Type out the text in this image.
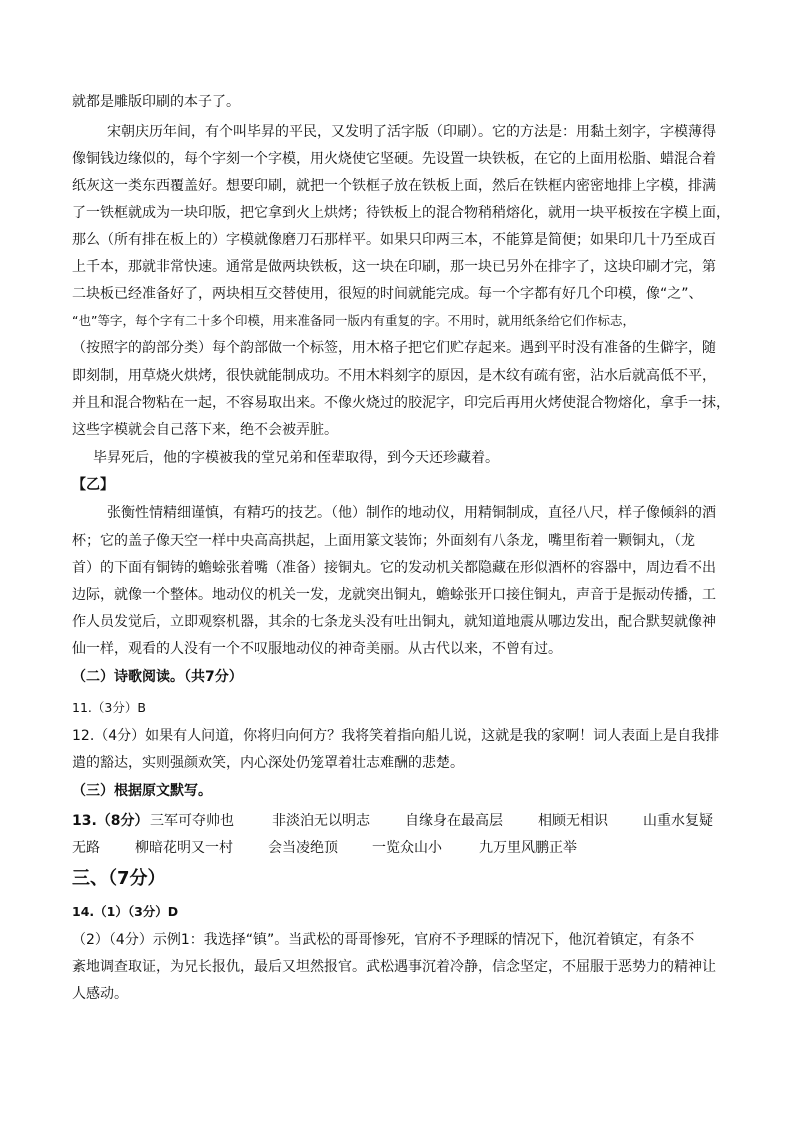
就都是雕版印刷的本子了。
宋朝庆历年间，有个叫毕昇的平民，又发明了活字版（印刷）。它的方法是：用黏土刻字，字模薄得
像铜钱边缘似的，每个字刻一个字模，用火烧使它坚硬。先设置一块铁板，在它的上面用松脂、蜡混合着
纸灰这一类东西覆盖好。想要印刷，就把一个铁框子放在铁板上面，然后在铁框内密密地排上字模，排满
了一铁框就成为一块印版，把它拿到火上烘烤；待铁板上的混合物稍稍熔化，就用一块平板按在字模上面，
那么（所有排在板上的）字模就像磨刀石那样平。如果只印两三本，不能算是简便；如果印几十乃至成百
上千本，那就非常快速。通常是做两块铁板，这一块在印刷，那一块已另外在排字了，这块印刷才完，第
二块板已经准备好了，两块相互交替使用，很短的时间就能完成。每一个字都有好几个印模，像“之”、
“也”等字，每个字有二十多个印模，用来准备同一版内有重复的字。不用时，就用纸条给它们作标志，
（按照字的韵部分类）每个韵部做一个标签，用木格子把它们贮存起来。遇到平时没有准备的生僻字，随
即刻制，用草烧火烘烤，很快就能制成功。不用木料刻字的原因，是木纹有疏有密，沾水后就高低不平，
并且和混合物粘在一起，不容易取出来。不像火烧过的胶泥字，印完后再用火烤使混合物熔化，拿手一抹，
这些字模就会自己落下来，绝不会被弄脏。
毕昇死后，他的字模被我的堂兄弟和侄辈取得，到今天还珍藏着。
【乙】
张衡性情精细谨慎，有精巧的技艺。（他）制作的地动仪，用精铜制成，直径八尺，样子像倾斜的酒
杯；它的盖子像天空一样中央高高拱起，上面用篆文装饰；外面刻有八条龙，嘴里衔着一颗铜丸，（龙
首）的下面有铜铸的蟾蜍张着嘴（准备）接铜丸。它的发动机关都隐藏在形似酒杯的容器中，周边看不出
边际，就像一个整体。地动仪的机关一发，龙就突出铜丸，蟾蜍张开口接住铜丸，声音于是振动传播，工
作人员发觉后，立即观察机器，其余的七条龙头没有吐出铜丸，就知道地震从哪边发出，配合默契就像神
仙一样，观看的人没有一个不叹服地动仪的神奇美丽。从古代以来，不曾有过。
（二）诗歌阅读。（共7分）
11.（3分）B
12.（4分）如果有人问道，你将归向何方？我将笑着指向船儿说，这就是我的家啊！词人表面上是自我排
遣的豁达，实则强颜欢笑，内心深处仍笼罩着壮志难酬的悲楚。
（三）根据原文默写。
13.（8分） 三军可夺帅也	非淡泊无以明志	自缘身在最高层	相顾无相识	山重水复疑
无路	柳暗花明又一村	会当凌绝顶 一览众山小	九万里风鹏正举
三、（7分）
14.（1）（3分）D
（2）（4分）示例1：我选择“镇”。当武松的哥哥惨死，官府不予理睬的情况下，他沉着镇定，有条不
紊地调查取证，为兄长报仇，最后又坦然报官。武松遇事沉着冷静，信念坚定，不屈服于恶势力的精神让
人感动。
